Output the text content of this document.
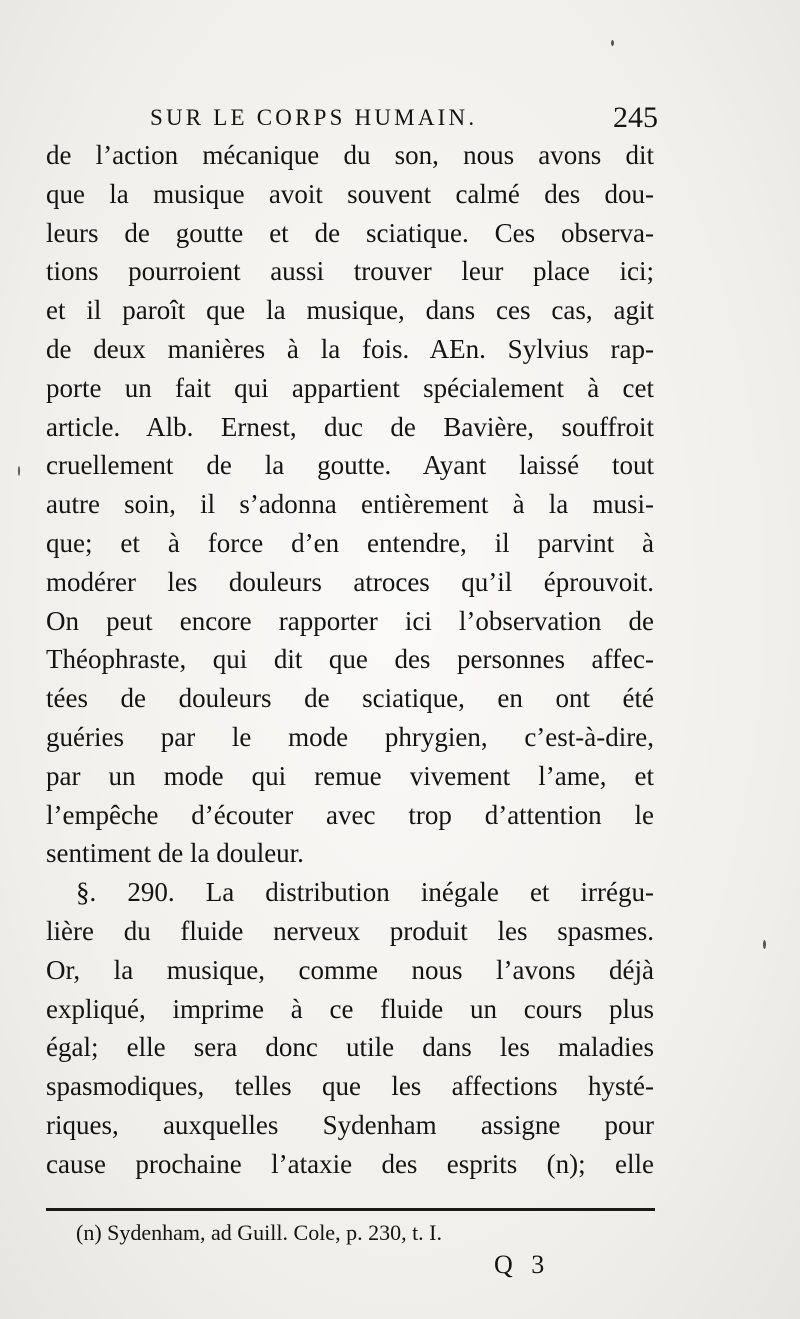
SUR LE CORPS HUMAIN.	245
de l’action mécanique du son, nous avons dit
que la musique avoit souvent calmé des dou-
leurs de goutte et de sciatique. Ces observa-
tions pourroient aussi trouver leur place ici;
et il paroît que la musique, dans ces cas, agit
de deux manières à la fois. AEn. Sylvius rap-
porte un fait qui appartient spécialement à cet
article. Alb. Ernest, duc de Bavière, souffroit
cruellement de la goutte. Ayant laissé tout
autre soin, il s’adonna entièrement à la musi-
que; et à force d’en entendre, il parvint à
modérer les douleurs atroces qu’il éprouvoit.
On peut encore rapporter ici l’observation de
Théophraste, qui dit que des personnes affec-
tées de douleurs de sciatique, en ont été
guéries par le mode phrygien, c’est-à-dire,
par un mode qui remue vivement l’ame, et
l’empêche d’écouter avec trop d’attention le
sentiment de la douleur.
§. 290. La distribution inégale et irrégu-
lière du fluide nerveux produit les spasmes.
Or, la musique, comme nous l’avons déjà
expliqué, imprime à ce fluide un cours plus
égal; elle sera donc utile dans les maladies
spasmodiques, telles que les affections hysté-
riques, auxquelles Sydenham assigne pour
cause prochaine l’ataxie des esprits (n); elle
(n) Sydenham, ad Guill. Cole, p. 230, t. I.
Q 3
